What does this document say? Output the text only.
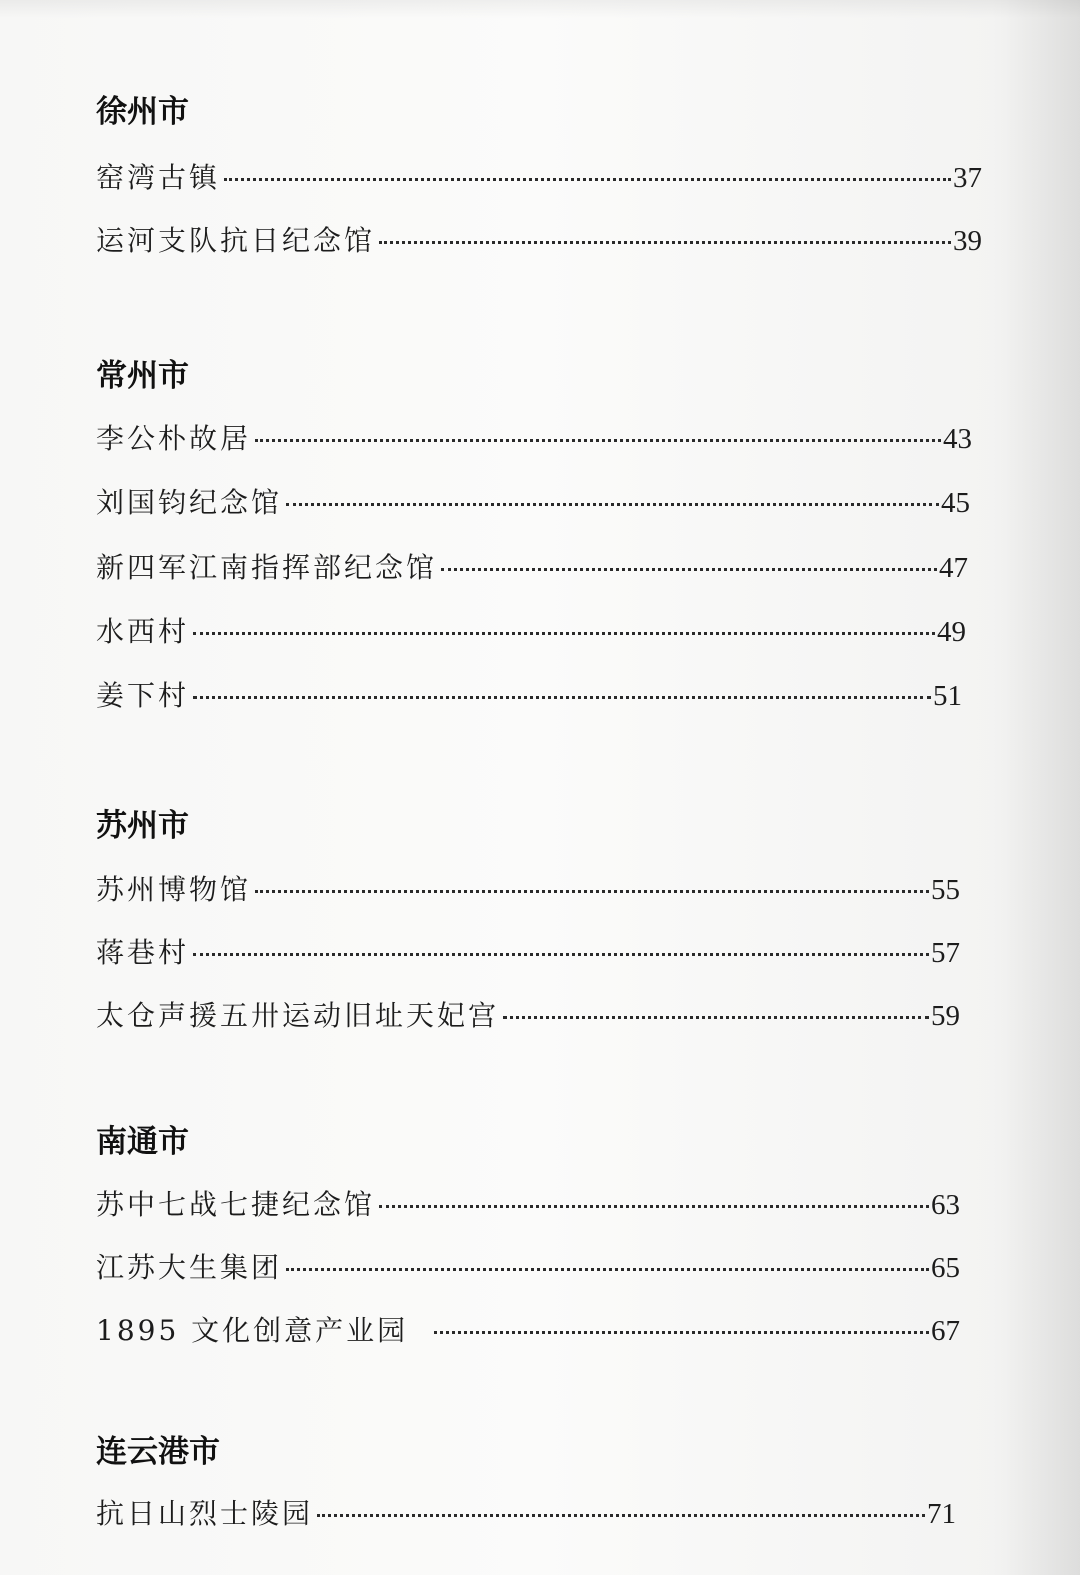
徐州市
窑湾古镇	37
运河支队抗日纪念馆	39
常州市
李公朴故居	43
刘国钧纪念馆	45
新四军江南指挥部纪念馆	47
水西村	49
姜下村	51
苏州市
苏州博物馆	55
蒋巷村	57
太仓声援五卅运动旧址天妃宫	59
南通市
苏中七战七捷纪念馆	63
江苏大生集团	65
1895 文化创意产业园	67
连云港市
抗日山烈士陵园	71
